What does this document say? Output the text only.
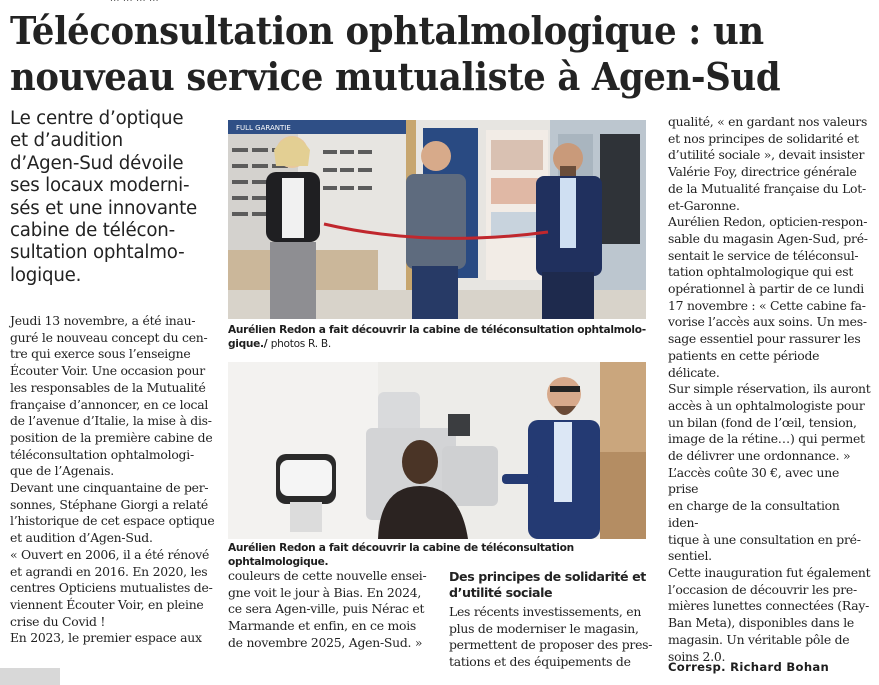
Téléconsultation ophtalmologique : un
nouveau service mutualiste à Agen-Sud
Le centre d’optique
et d’audition
d’Agen-Sud dévoile
ses locaux moderni-
sés et une innovante
cabine de télécon-
sultation ophtalmo-
logique.

Jeudi 13 novembre, a été inau-

guré le nouveau concept du cen-

tre qui exerce sous l’enseigne

Écouter Voir. Une occasion pour

les responsables de la Mutualité

française d’annoncer, en ce local

de l’avenue d’Italie, la mise à dis-

position de la première cabine de

téléconsultation ophtalmologi-

que de l’Agenais.

Devant une cinquantaine de per-

sonnes, Stéphane Giorgi a relaté

l’historique de cet espace optique

et audition d’Agen-Sud.

« Ouvert en 2006, il a été rénové

et agrandi en 2016. En 2020, les

centres Opticiens mutualistes de-

viennent Écouter Voir, en pleine

crise du Covid !

En 2023, le premier espace aux

FULL GARANTIE
Aurélien Redon a fait découvrir la cabine de téléconsultation ophtalmolo-
gique./ photos R. B.
Aurélien Redon a fait découvrir la cabine de téléconsultation ophtalmologique.

couleurs de cette nouvelle ensei-

gne voit le jour à Bias. En 2024,

ce sera Agen-ville, puis Nérac et

Marmande et enfin, en ce mois

de novembre 2025, Agen-Sud. »

Des principes de solidarité et
d’utilité sociale

Les récents investissements, en

plus de moderniser le magasin,

permettent de proposer des pres-

tations et des équipements de

qualité, « en gardant nos valeurs

et nos principes de solidarité et

d’utilité sociale », devait insister

Valérie Foy, directrice générale

de la Mutualité française du Lot-

et-Garonne.

Aurélien Redon, opticien-respon-

sable du magasin Agen-Sud, pré-

sentait le service de téléconsul-

tation ophtalmologique qui est

opérationnel à partir de ce lundi

17 novembre : « Cette cabine fa-

vorise l’accès aux soins. Un mes-

sage essentiel pour rassurer les

patients en cette période délicate.

Sur simple réservation, ils auront

accès à un ophtalmologiste pour

un bilan (fond de l’œil, tension,

image de la rétine…) qui permet

de délivrer une ordonnance. »

L’accès coûte 30 €, avec une prise

en charge de la consultation iden-

tique à une consultation en pré-

sentiel.

Cette inauguration fut également

l’occasion de découvrir les pre-

mières lunettes connectées (Ray-

Ban Meta), disponibles dans le

magasin. Un véritable pôle de

soins 2.0.

Corresp. Richard Bohan
